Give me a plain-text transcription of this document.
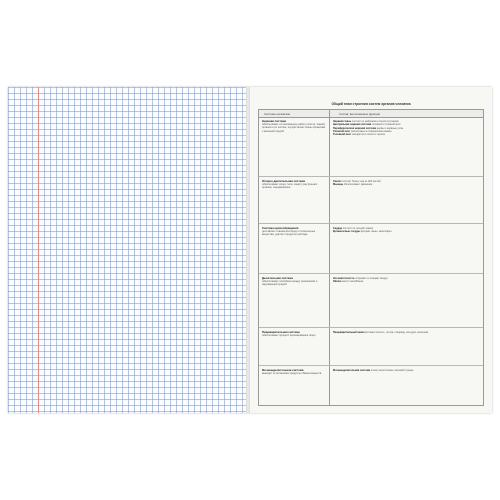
Общий план строения систем органов человека
Системы организма	Состав, выполняемые функции
Нервная система
обеспечивает согласованную работу клеток, тканей, органов и их систем, осуществляет связь организма с внешней средой
Нервная ткань состоит из нейронов и клеток-спутников
Центральная нервная система головной и спинной мозг
Периферическая нервная система нервы и нервные узлы
Спинной мозг расположен в позвоночном канале
Головной мозг находится в полости черепа
Опорно-двигательная система
обеспечивает опору тела, защиту внутренних органов, передвижение
Скелет состоит более чем из 200 костей
Мышцы обеспечивают движение
Система кровообращения
доставляет тканям кислород и питательные вещества, удаляет продукты распада
Сердце состоит из четырёх камер
Кровеносные сосуды артерии, вены, капилляры
Дыхательная система
обеспечивает газообмен между организмом и окружающей средой
Носовая полость согревает и очищает воздух
Лёгкие место газообмена
Пищеварительная система
обеспечивает процесс переваривания пищи
Пищеварительный канал ротовая полость, глотка, пищевод, желудок, кишечник
Мочевыделительная система
выводит из организма продукты обмена веществ
Мочевыделительная система почки, мочеточники, мочевой пузырь
